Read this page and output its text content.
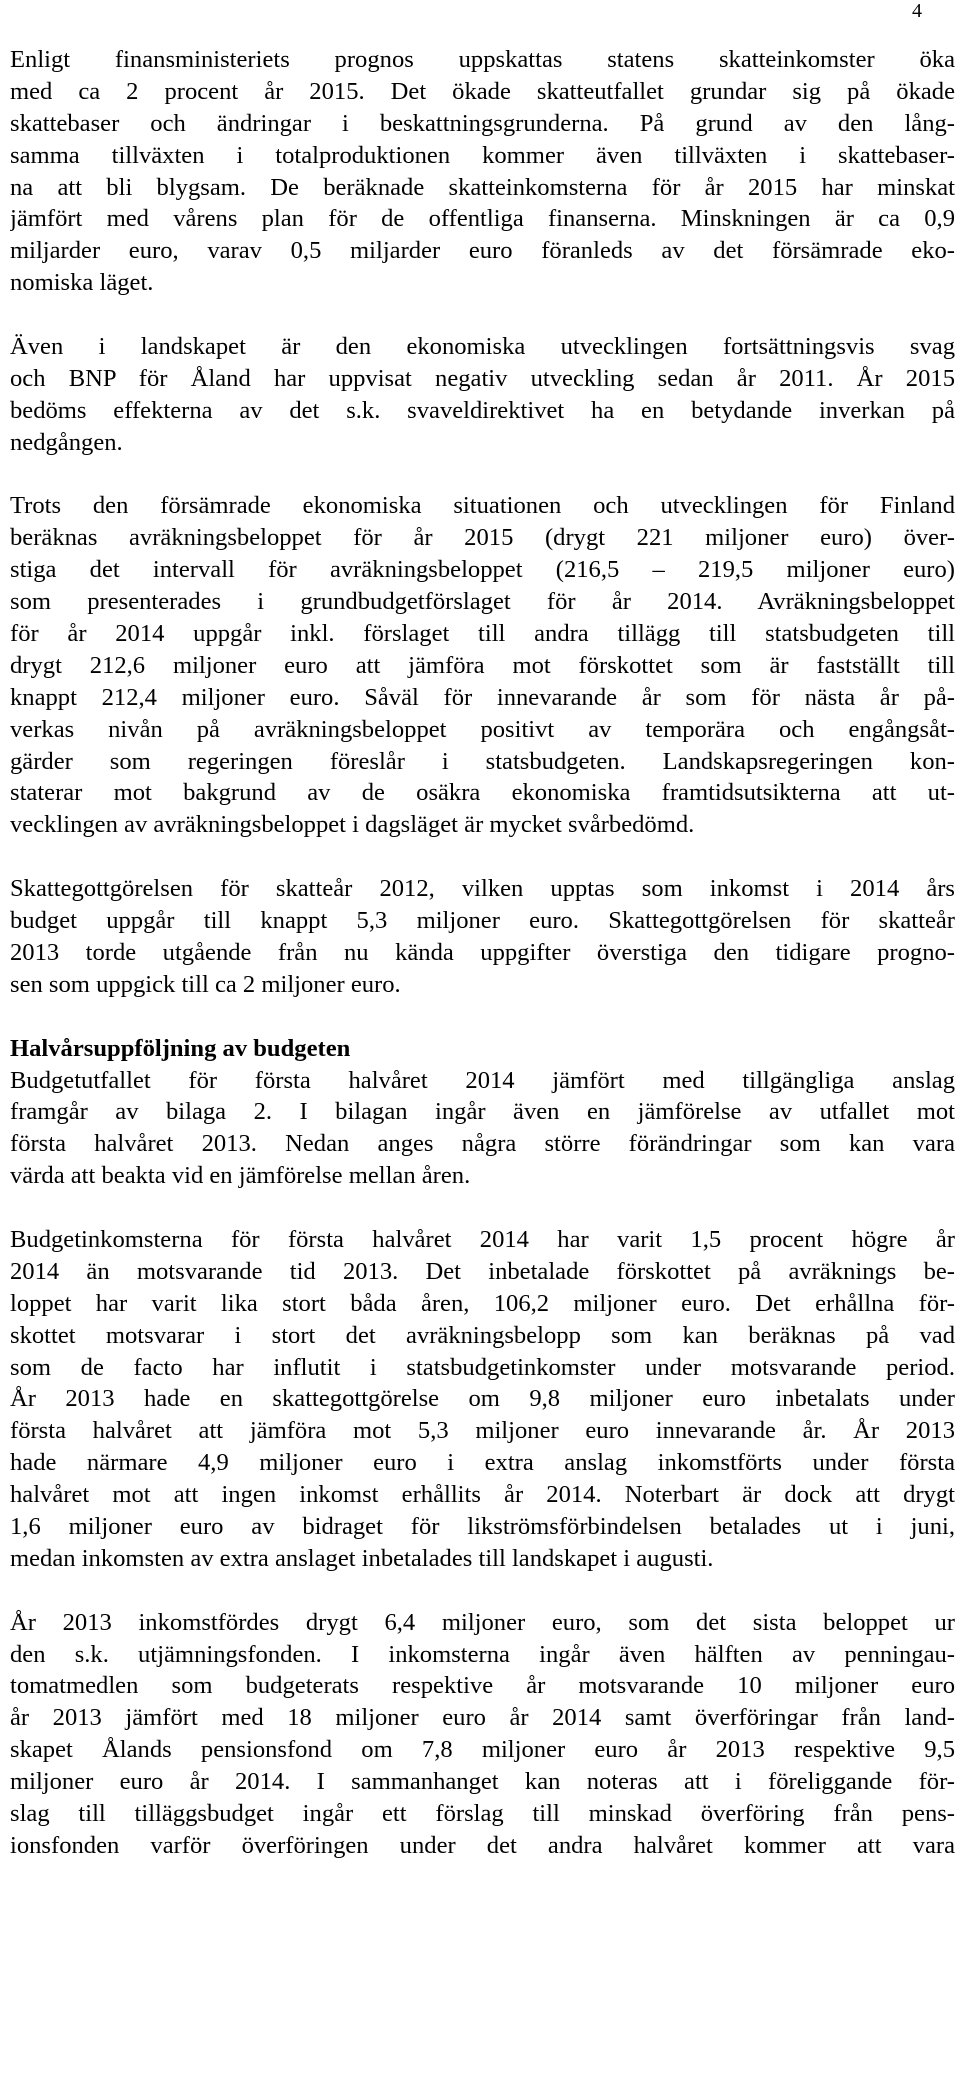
4
Enligt finansministeriets prognos uppskattas statens skatteinkomster öka
med ca 2 procent år 2015. Det ökade skatteutfallet grundar sig på ökade
skattebaser och ändringar i beskattningsgrunderna. På grund av den lång-
samma tillväxten i totalproduktionen kommer även tillväxten i skattebaser-
na att bli blygsam. De beräknade skatteinkomsterna för år 2015 har minskat
jämfört med vårens plan för de offentliga finanserna. Minskningen är ca 0,9
miljarder euro, varav 0,5 miljarder euro föranleds av det försämrade eko-
nomiska läget.
Även i landskapet är den ekonomiska utvecklingen fortsättningsvis svag
och BNP för Åland har uppvisat negativ utveckling sedan år 2011. År 2015
bedöms effekterna av det s.k. svaveldirektivet ha en betydande inverkan på
nedgången.
Trots den försämrade ekonomiska situationen och utvecklingen för Finland
beräknas avräkningsbeloppet för år 2015 (drygt 221 miljoner euro) över-
stiga det intervall för avräkningsbeloppet (216,5 – 219,5 miljoner euro)
som presenterades i grundbudgetförslaget för år 2014. Avräkningsbeloppet
för år 2014 uppgår inkl. förslaget till andra tillägg till statsbudgeten till
drygt 212,6 miljoner euro att jämföra mot förskottet som är fastställt till
knappt 212,4 miljoner euro. Såväl för innevarande år som för nästa år på-
verkas nivån på avräkningsbeloppet positivt av temporära och engångsåt-
gärder som regeringen föreslår i statsbudgeten. Landskapsregeringen kon-
staterar mot bakgrund av de osäkra ekonomiska framtidsutsikterna att ut-
vecklingen av avräkningsbeloppet i dagsläget är mycket svårbedömd.
Skattegottgörelsen för skatteår 2012, vilken upptas som inkomst i 2014 års
budget uppgår till knappt 5,3 miljoner euro. Skattegottgörelsen för skatteår
2013 torde utgående från nu kända uppgifter överstiga den tidigare progno-
sen som uppgick till ca 2 miljoner euro.
Halvårsuppföljning av budgeten
Budgetutfallet för första halvåret 2014 jämfört med tillgängliga anslag
framgår av bilaga 2. I bilagan ingår även en jämförelse av utfallet mot
första halvåret 2013. Nedan anges några större förändringar som kan vara
värda att beakta vid en jämförelse mellan åren.
Budgetinkomsterna för första halvåret 2014 har varit 1,5 procent högre år
2014 än motsvarande tid 2013. Det inbetalade förskottet på avräknings be-
loppet har varit lika stort båda åren, 106,2 miljoner euro. Det erhållna för-
skottet motsvarar i stort det avräkningsbelopp som kan beräknas på vad
som de facto har influtit i statsbudgetinkomster under motsvarande period.
År 2013 hade en skattegottgörelse om 9,8 miljoner euro inbetalats under
första halvåret att jämföra mot 5,3 miljoner euro innevarande år. År 2013
hade närmare 4,9 miljoner euro i extra anslag inkomstförts under första
halvåret mot att ingen inkomst erhållits år 2014. Noterbart är dock att drygt
1,6 miljoner euro av bidraget för likströmsförbindelsen betalades ut i juni,
medan inkomsten av extra anslaget inbetalades till landskapet i augusti.
År 2013 inkomstfördes drygt 6,4 miljoner euro, som det sista beloppet ur
den s.k. utjämningsfonden. I inkomsterna ingår även hälften av penningau-
tomatmedlen som budgeterats respektive år motsvarande 10 miljoner euro
år 2013 jämfört med 18 miljoner euro år 2014 samt överföringar från land-
skapet Ålands pensionsfond om 7,8 miljoner euro år 2013 respektive 9,5
miljoner euro år 2014. I sammanhanget kan noteras att i föreliggande för-
slag till tilläggsbudget ingår ett förslag till minskad överföring från pens-
ionsfonden varför överföringen under det andra halvåret kommer att vara
